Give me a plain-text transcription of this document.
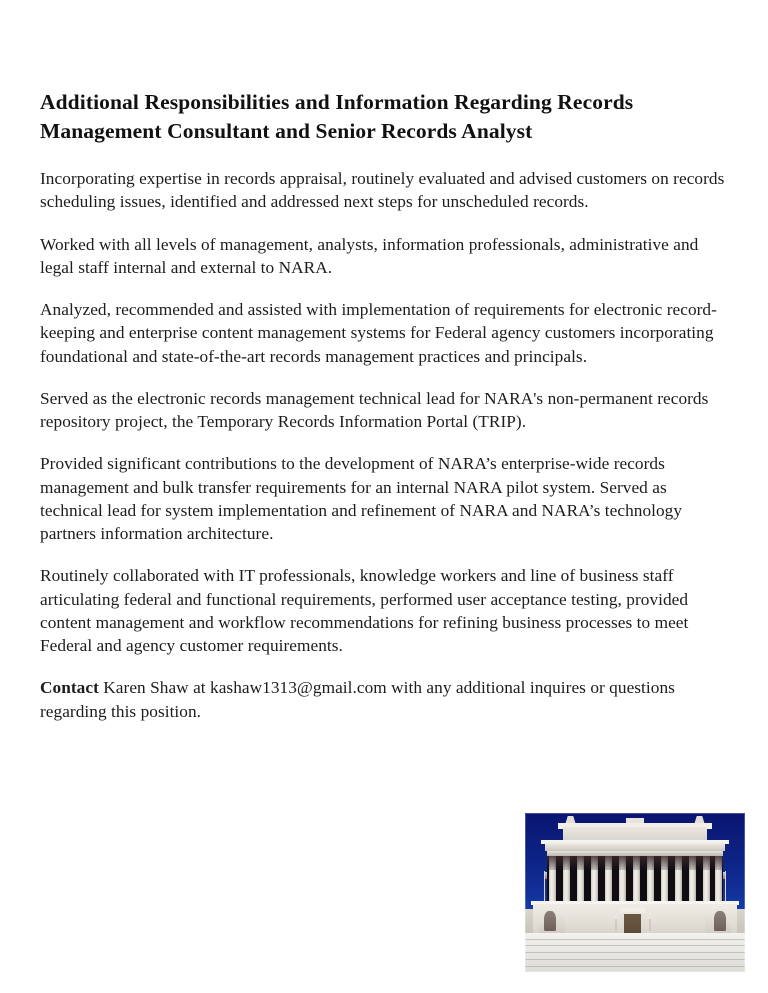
Additional Responsibilities and Information Regarding Records Management Consultant and Senior Records Analyst

Incorporating expertise in records appraisal, routinely evaluated and advised customers on records scheduling issues, identified and addressed next steps for unscheduled records.

Worked with all levels of management, analysts, information professionals, administrative and legal staff internal and external to NARA.

Analyzed, recommended and assisted with implementation of requirements for electronic record-keeping and enterprise content management systems for Federal agency customers incorporating foundational and state-of-the-art records management practices and principals.

Served as the electronic records management technical lead for NARA's non-permanent records repository project, the Temporary Records Information Portal (TRIP).

Provided significant contributions to the development of NARA’s enterprise-wide records management and bulk transfer requirements for an internal NARA pilot system. Served as technical lead for system implementation and refinement of NARA and NARA’s technology partners information architecture.

Routinely collaborated with IT professionals, knowledge workers and line of business staff articulating federal and functional requirements, performed user acceptance testing, provided content management and workflow recommendations for refining business processes to meet Federal and agency customer requirements.

Contact Karen Shaw at kashaw1313@gmail.com with any additional inquires or questions regarding this position.
